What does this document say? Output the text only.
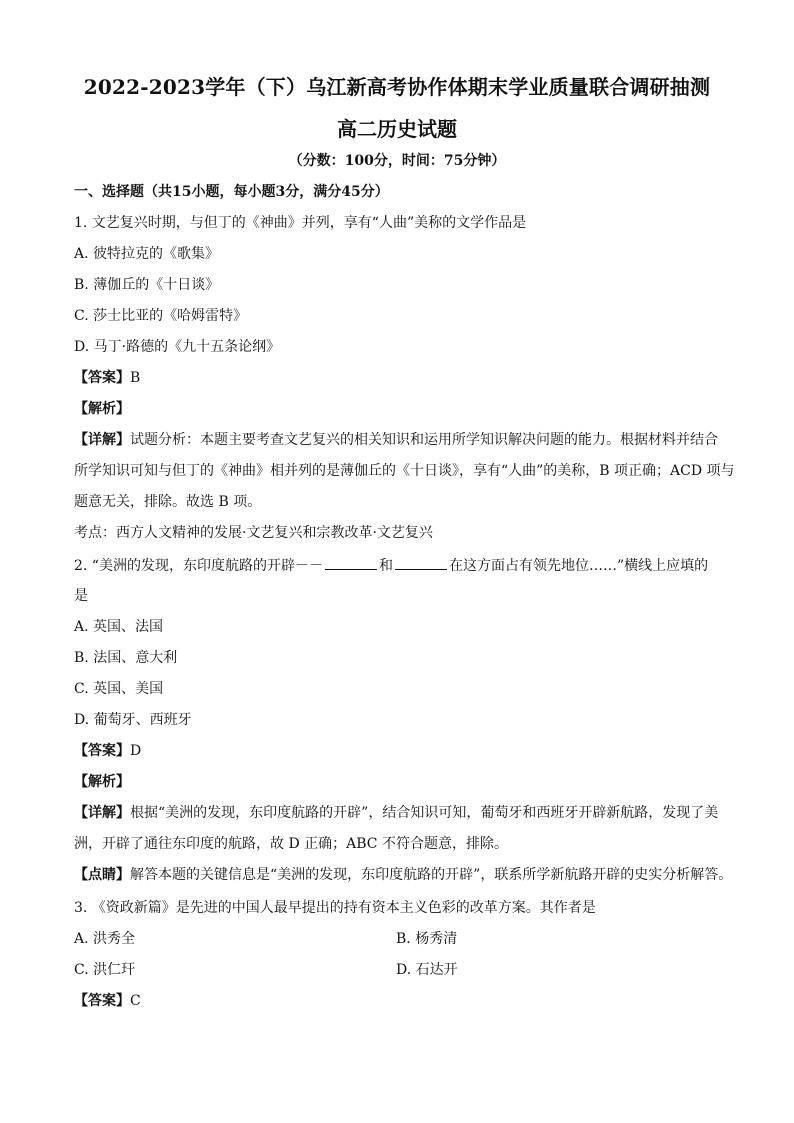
2022-2023学年（下）乌江新高考协作体期末学业质量联合调研抽测
高二历史试题
（分数：100分，时间：75分钟）
一、选择题（共15小题，每小题3分，满分45分）
1. 文艺复兴时期，与但丁的《神曲》并列，享有“人曲”美称的文学作品是
A. 彼特拉克的《歌集》
B. 薄伽丘的《十日谈》
C. 莎士比亚的《哈姆雷特》
D. 马丁·路德的《九十五条论纲》
【答案】B
【解析】
【详解】试题分析：本题主要考查文艺复兴的相关知识和运用所学知识解决问题的能力。根据材料并结合
所学知识可知与但丁的《神曲》相并列的是薄伽丘的《十日谈》，享有“人曲”的美称，B 项正确；ACD 项与
题意无关，排除。故选 B 项。
考点：西方人文精神的发展·文艺复兴和宗教改革·文艺复兴
2. “美洲的发现，东印度航路的开辟－－	和	在这方面占有领先地位……”横线上应填的
是
A. 英国、法国
B. 法国、意大利
C. 英国、美国
D. 葡萄牙、西班牙
【答案】D
【解析】
【详解】根据“美洲的发现，东印度航路的开辟”，结合知识可知，葡萄牙和西班牙开辟新航路，发现了美
洲，开辟了通往东印度的航路，故 D 正确；ABC 不符合题意，排除。
【点睛】解答本题的关键信息是“美洲的发现，东印度航路的开辟”，联系所学新航路开辟的史实分析解答。
3. 《资政新篇》是先进的中国人最早提出的持有资本主义色彩的改革方案。其作者是
A. 洪秀全	B. 杨秀清
C. 洪仁玕	D. 石达开
【答案】C
